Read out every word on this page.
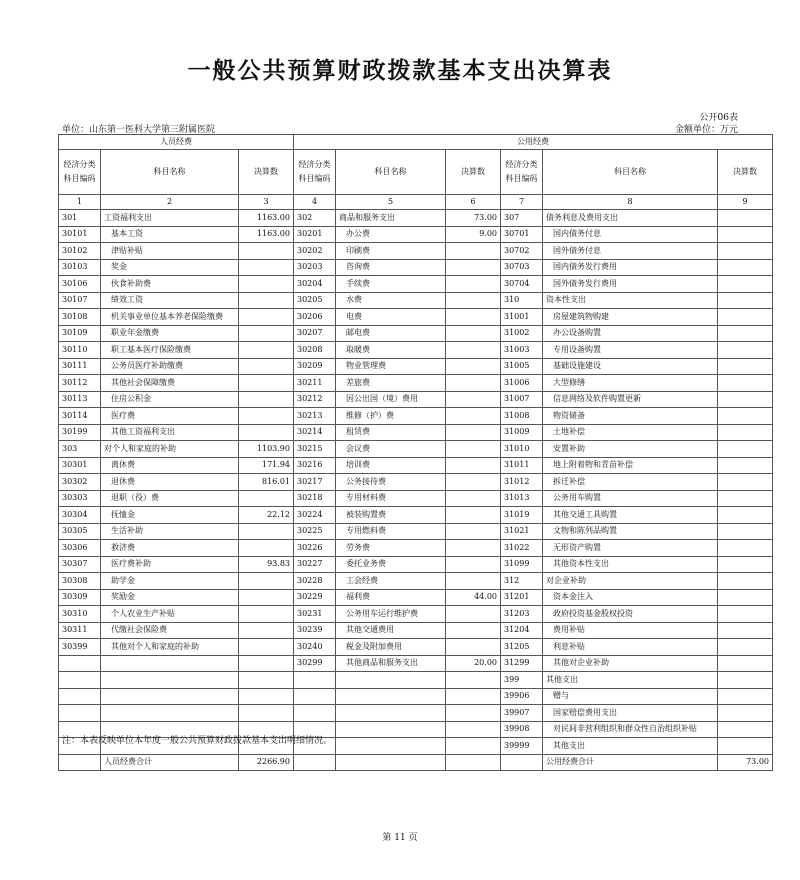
一般公共预算财政拨款基本支出决算表
公开06表
单位：山东第一医科大学第三附属医院	金额单位：万元
人员经费			公用经费					
经济分类科目编码	科目名称	决算数	经济分类科目编码	科目名称	决算数	经济分类科目编码	科目名称	决算数
1	2	3	4	5	6	7	8	9
301	工资福利支出	1163.00	302	商品和服务支出	73.00	307	债务利息及费用支出	
30101	基本工资	1163.00	30201	办公费	9.00	30701	国内债务付息	
30102	津贴补贴		30202	印刷费		30702	国外债务付息	
30103	奖金		30203	咨询费		30703	国内债务发行费用	
30106	伙食补助费		30204	手续费		30704	国外债务发行费用	
30107	绩效工资		30205	水费		310	资本性支出	
30108	机关事业单位基本养老保险缴费		30206	电费		31001	房屋建筑物购建	
30109	职业年金缴费		30207	邮电费		31002	办公设备购置	
30110	职工基本医疗保险缴费		30208	取暖费		31003	专用设备购置	
30111	公务员医疗补助缴费		30209	物业管理费		31005	基础设施建设	
30112	其他社会保障缴费		30211	差旅费		31006	大型修缮	
30113	住房公积金		30212	因公出国（境）费用		31007	信息网络及软件购置更新	
30114	医疗费		30213	维修（护）费		31008	物资储备	
30199	其他工资福利支出		30214	租赁费		31009	土地补偿	
303	对个人和家庭的补助	1103.90	30215	会议费		31010	安置补助	
30301	离休费	171.94	30216	培训费		31011	地上附着物和青苗补偿	
30302	退休费	816.01	30217	公务接待费		31012	拆迁补偿	
30303	退职（役）费		30218	专用材料费		31013	公务用车购置	
30304	抚恤金	22.12	30224	被装购置费		31019	其他交通工具购置	
30305	生活补助		30225	专用燃料费		31021	文物和陈列品购置	
30306	救济费		30226	劳务费		31022	无形资产购置	
30307	医疗费补助	93.83	30227	委托业务费		31099	其他资本性支出	
30308	助学金		30228	工会经费		312	对企业补助	
30309	奖励金		30229	福利费	44.00	31201	资本金注入	
30310	个人农业生产补贴		30231	公务用车运行维护费		31203	政府投资基金股权投资	
30311	代缴社会保险费		30239	其他交通费用		31204	费用补贴	
30399	其他对个人和家庭的补助		30240	税金及附加费用		31205	利息补贴	
			30299	其他商品和服务支出	20.00	31299	其他对企业补助	
						399	其他支出	
						39906	赠与	
						39907	国家赔偿费用支出	
						39908	对民间非营利组织和群众性自治组织补贴	
						39999	其他支出	
	人员经费合计	2266.90					公用经费合计	73.00
注：本表反映单位本年度一般公共预算财政拨款基本支出明细情况。
第 11 页
